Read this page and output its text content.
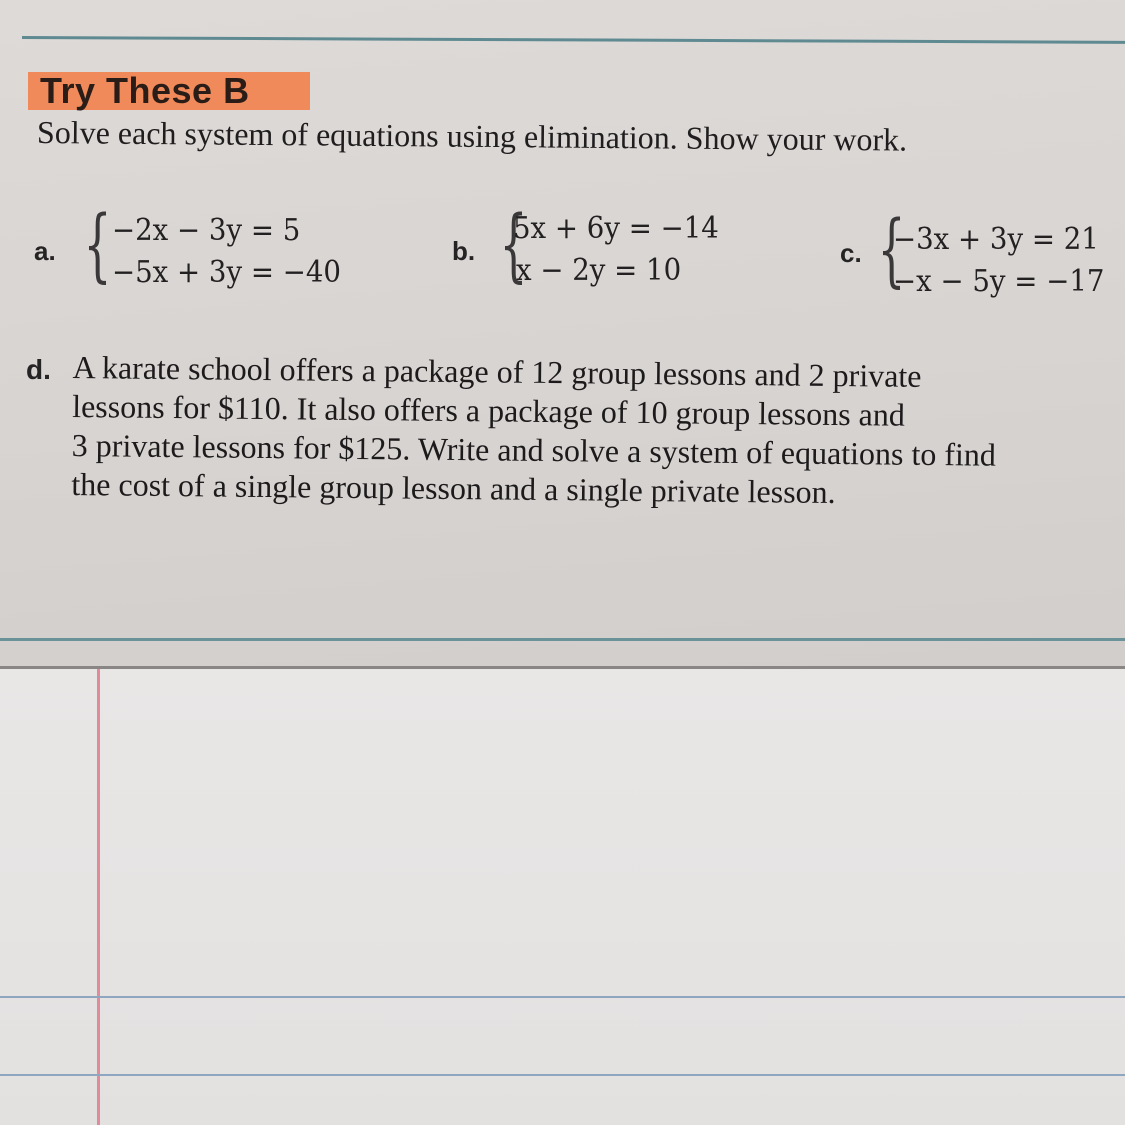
Try These B
Solve each system of equations using elimination. Show your work.
a. { −2x − 3y = 5
−5x + 3y = −40
b. {
5x + 6y = −14
x − 2y = 10	c. {
−3x + 3y = 21
−x − 5y = −17
d. A karate school offers a package of 12 group lessons and 2 private
lessons for $110. It also offers a package of 10 group lessons and
3 private lessons for $125. Write and solve a system of equations to find
the cost of a single group lesson and a single private lesson.
